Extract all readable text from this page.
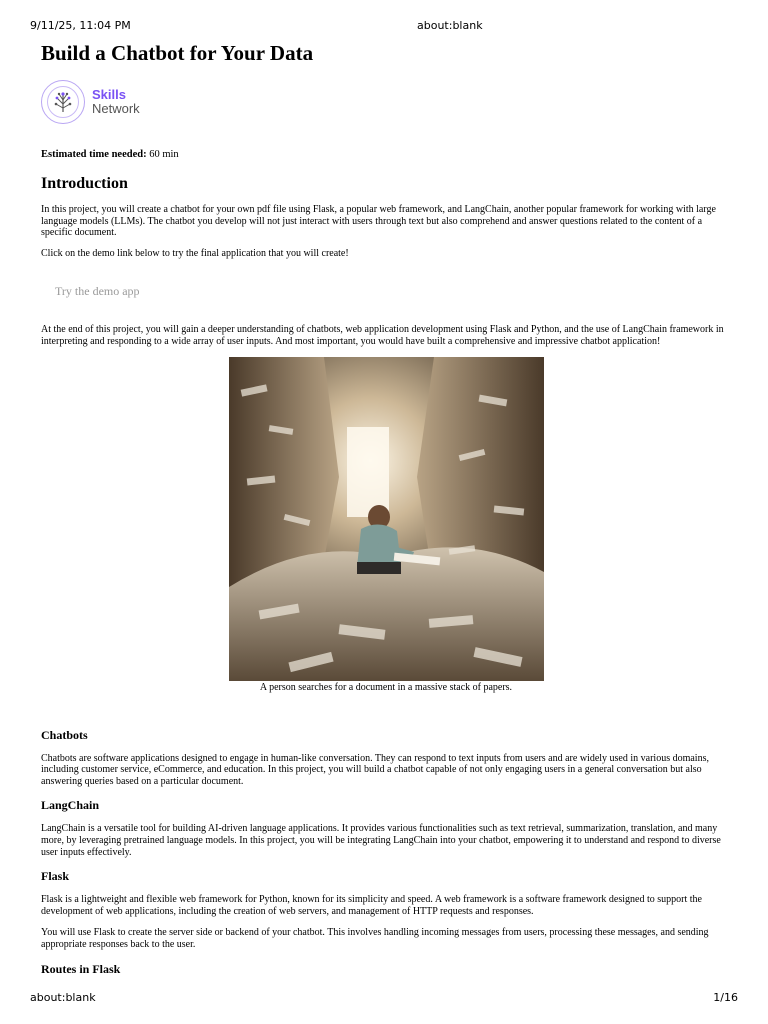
9/11/25, 11:04 PM	about:blank
Build a Chatbot for Your Data
Skills
Network
Estimated time needed: 60 min
Introduction

In this project, you will create a chatbot for your own pdf file using Flask, a popular web framework, and LangChain, another popular framework for working with large language models (LLMs). The chatbot you develop will not just interact with users through text but also comprehend and answer questions related to the content of a specific document.

Click on the demo link below to try the final application that you will create!

Try the demo app

At the end of this project, you will gain a deeper understanding of chatbots, web application development using Flask and Python, and the use of LangChain framework in interpreting and responding to a wide array of user inputs. And most important, you would have built a comprehensive and impressive chatbot application!

A person searches for a document in a massive stack of papers.
Chatbots

Chatbots are software applications designed to engage in human-like conversation. They can respond to text inputs from users and are widely used in various domains, including customer service, eCommerce, and education. In this project, you will build a chatbot capable of not only engaging users in a general conversation but also answering queries based on a particular document.

LangChain

LangChain is a versatile tool for building AI-driven language applications. It provides various functionalities such as text retrieval, summarization, translation, and many more, by leveraging pretrained language models. In this project, you will be integrating LangChain into your chatbot, empowering it to understand and respond to diverse user inputs effectively.

Flask

Flask is a lightweight and flexible web framework for Python, known for its simplicity and speed. A web framework is a software framework designed to support the development of web applications, including the creation of web servers, and management of HTTP requests and responses.

You will use Flask to create the server side or backend of your chatbot. This involves handling incoming messages from users, processing these messages, and sending appropriate responses back to the user.

Routes in Flask
about:blank	1/16
